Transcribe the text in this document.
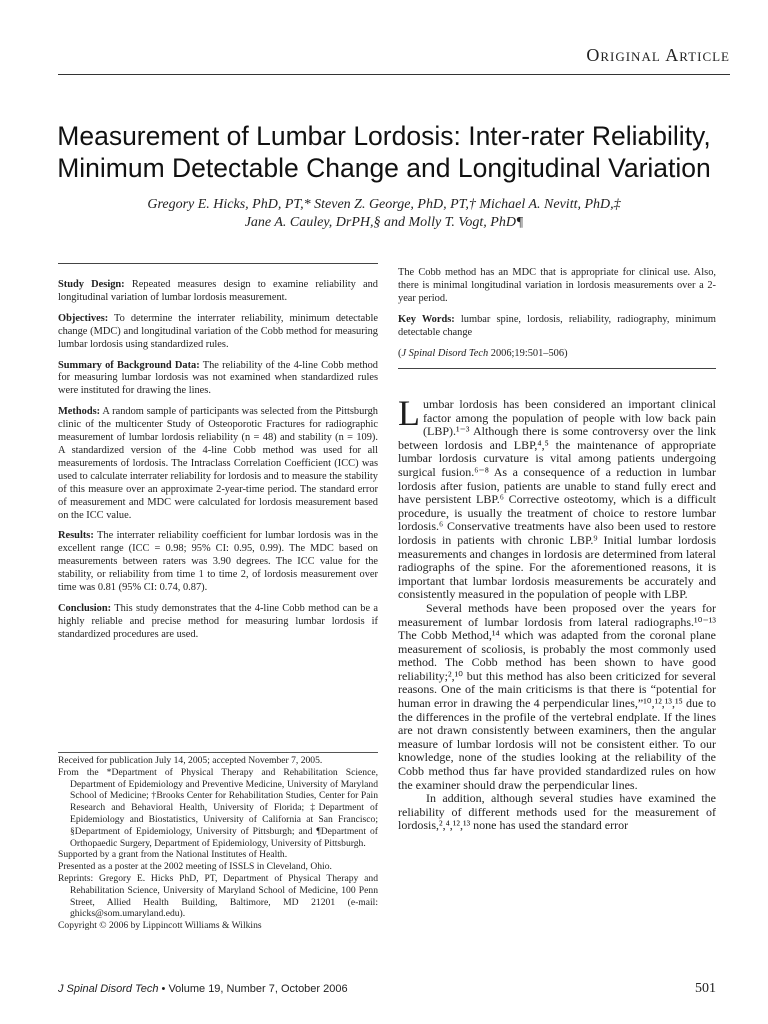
Original Article
Measurement of Lumbar Lordosis: Inter-rater Reliability,
Minimum Detectable Change and Longitudinal Variation
Gregory E. Hicks, PhD, PT,* Steven Z. George, PhD, PT,† Michael A. Nevitt, PhD,‡
Jane A. Cauley, DrPH,§ and Molly T. Vogt, PhD¶

Study Design: Repeated measures design to examine reliability and longitudinal variation of lumbar lordosis measurement.

Objectives: To determine the interrater reliability, minimum detectable change (MDC) and longitudinal variation of the Cobb method for measuring lumbar lordosis using standardized rules.

Summary of Background Data: The reliability of the 4-line Cobb method for measuring lumbar lordosis was not examined when standardized rules were instituted for drawing the lines.

Methods: A random sample of participants was selected from the Pittsburgh clinic of the multicenter Study of Osteoporotic Fractures for radiographic measurement of lumbar lordosis reliability (n = 48) and stability (n = 109). A standardized version of the 4-line Cobb method was used for all measurements of lordosis. The Intraclass Correlation Coefficient (ICC) was used to calculate interrater reliability for lordosis and to measure the stability of this measure over an approximate 2-year-time period. The standard error of measurement and MDC were calculated for lordosis measurement based on the ICC value.

Results: The interrater reliability coefficient for lumbar lordosis was in the excellent range (ICC = 0.98; 95% CI: 0.95, 0.99). The MDC based on measurements between raters was 3.90 degrees. The ICC value for the stability, or reliability from time 1 to time 2, of lordosis measurement over time was 0.81 (95% CI: 0.74, 0.87).

Conclusion: This study demonstrates that the 4-line Cobb method can be a highly reliable and precise method for measuring lumbar lordosis if standardized procedures are used.

Received for publication July 14, 2005; accepted November 7, 2005.

From the *Department of Physical Therapy and Rehabilitation Science, Department of Epidemiology and Preventive Medicine, University of Maryland School of Medicine; †Brooks Center for Rehabilitation Studies, Center for Pain Research and Behavioral Health, University of Florida; ‡Department of Epidemiology and Biostatistics, University of California at San Francisco; §Department of Epidemiology, University of Pittsburgh; and ¶Department of Orthopaedic Surgery, Department of Epidemiology, University of Pittsburgh.

Supported by a grant from the National Institutes of Health.

Presented as a poster at the 2002 meeting of ISSLS in Cleveland, Ohio.

Reprints: Gregory E. Hicks PhD, PT, Department of Physical Therapy and Rehabilitation Science, University of Maryland School of Medicine, 100 Penn Street, Allied Health Building, Baltimore, MD 21201 (e-mail: ghicks@som.umaryland.edu).

Copyright © 2006 by Lippincott Williams & Wilkins

The Cobb method has an MDC that is appropriate for clinical use. Also, there is minimal longitudinal variation in lordosis measurements over a 2-year period.

Key Words: lumbar spine, lordosis, reliability, radiography, minimum detectable change

(J Spinal Disord Tech 2006;19:501–506)

Lumbar lordosis has been considered an important clinical factor among the population of people with low back pain (LBP).¹⁻³ Although there is some controversy over the link between lordosis and LBP,⁴,⁵ the maintenance of appropriate lumbar lordosis curvature is vital among patients undergoing surgical fusion.⁶⁻⁸ As a consequence of a reduction in lumbar lordosis after fusion, patients are unable to stand fully erect and have persistent LBP.⁶ Corrective osteotomy, which is a difficult procedure, is usually the treatment of choice to restore lumbar lordosis.⁶ Conservative treatments have also been used to restore lordosis in patients with chronic LBP.⁹ Initial lumbar lordosis measurements and changes in lordosis are determined from lateral radiographs of the spine. For the aforementioned reasons, it is important that lumbar lordosis measurements be accurately and consistently measured in the population of people with LBP.

Several methods have been proposed over the years for measurement of lumbar lordosis from lateral radiographs.¹⁰⁻¹³ The Cobb Method,¹⁴ which was adapted from the coronal plane measurement of scoliosis, is probably the most commonly used method. The Cobb method has been shown to have good reliability;²,¹⁰ but this method has also been criticized for several reasons. One of the main criticisms is that there is “potential for human error in drawing the 4 perpendicular lines,”¹⁰,¹²,¹³,¹⁵ due to the differences in the profile of the vertebral endplate. If the lines are not drawn consistently between examiners, then the angular measure of lumbar lordosis will not be consistent either. To our knowledge, none of the studies looking at the reliability of the Cobb method thus far have provided standardized rules on how the examiner should draw the perpendicular lines.

In addition, although several studies have examined the reliability of different methods used for the measurement of lordosis,²,⁴,¹²,¹³ none has used the standard error

J Spinal Disord Tech • Volume 19, Number 7, October 2006	501
